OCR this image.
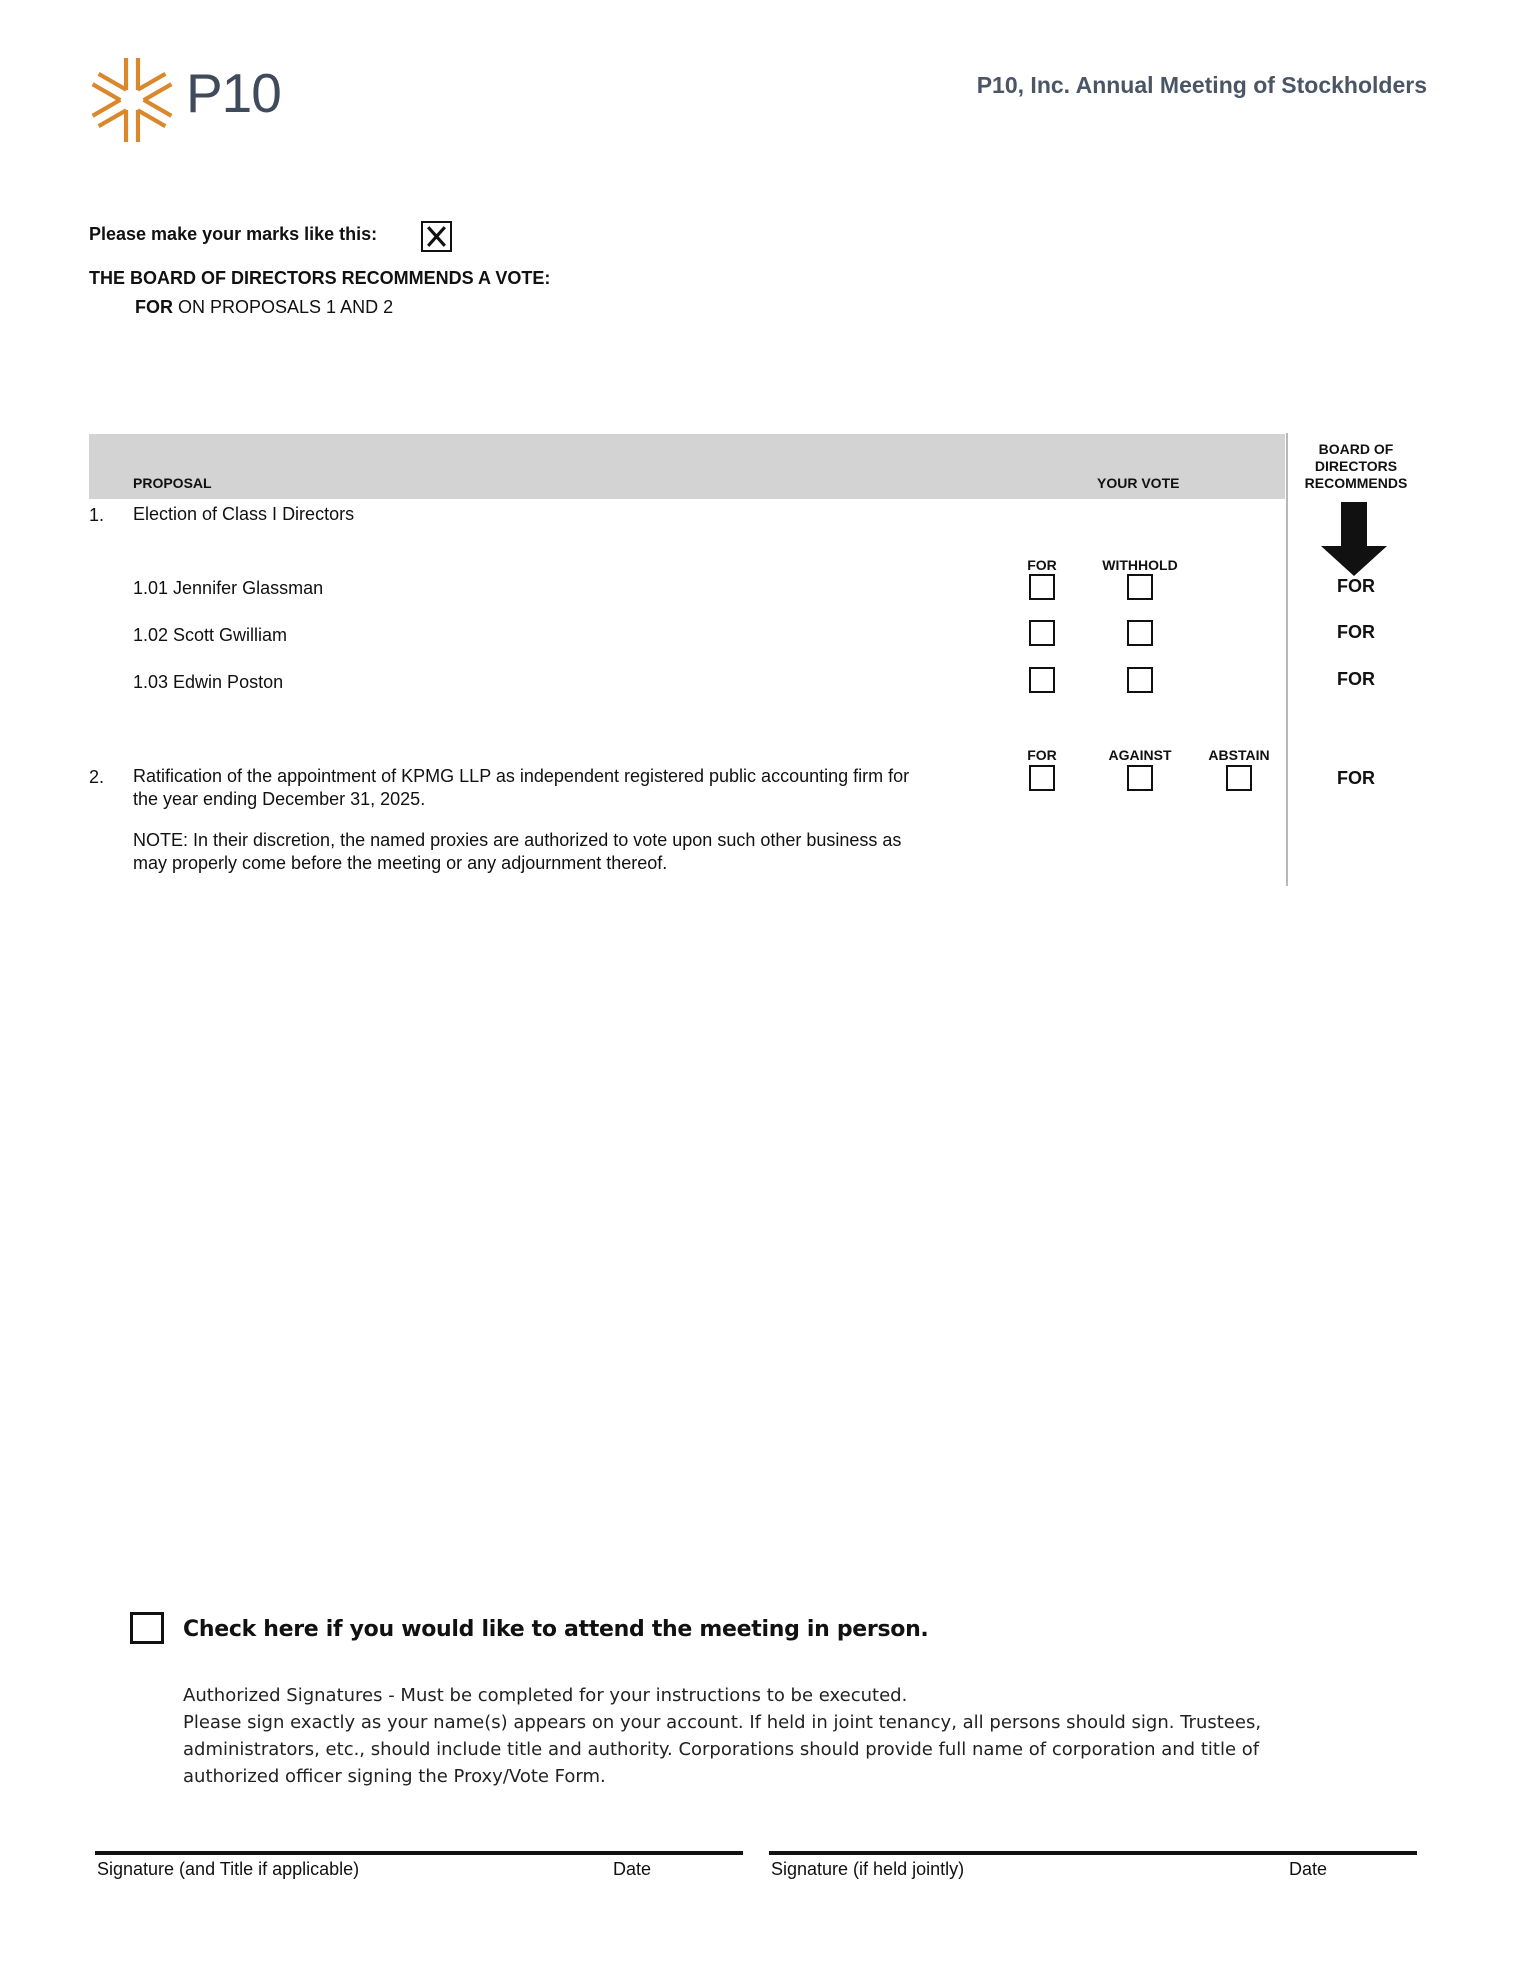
P10	P10, Inc. Annual Meeting of Stockholders
Please make your marks like this:
THE BOARD OF DIRECTORS RECOMMENDS A VOTE:
FOR ON PROPOSALS 1 AND 2
PROPOSAL	YOUR VOTE
BOARD OF DIRECTORS RECOMMENDS
1. Election of Class I Directors
FOR	WITHHOLD
1.01 Jennifer Glassman	FOR
1.02 Scott Gwilliam	FOR
1.03 Edwin Poston	FOR
FOR	AGAINST	ABSTAIN
2. Ratification of the appointment of KPMG LLP as independent registered public accounting firm for
the year ending December 31, 2025.
FOR
NOTE: In their discretion, the named proxies are authorized to vote upon such other business as
may properly come before the meeting or any adjournment thereof.
Check here if you would like to attend the meeting in person.
Authorized Signatures - Must be completed for your instructions to be executed.
Please sign exactly as your name(s) appears on your account. If held in joint tenancy, all persons should sign. Trustees,
administrators, etc., should include title and authority. Corporations should provide full name of corporation and title of
authorized officer signing the Proxy/Vote Form.
Signature (and Title if applicable)	Date	Signature (if held jointly)	Date
